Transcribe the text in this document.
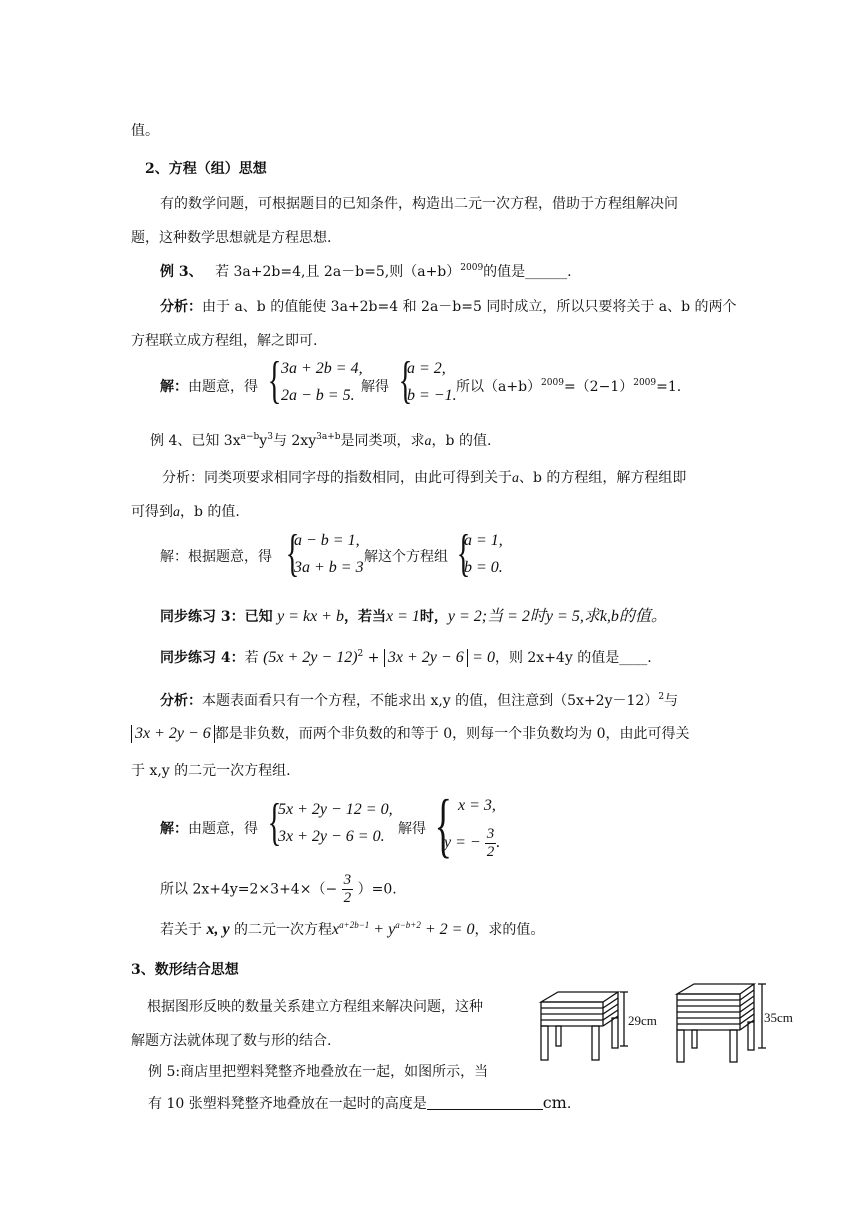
值。
2、方程（组）思想
有的数学问题，可根据题目的已知条件，构造出二元一次方程，借助于方程组解决问
题，这种数学思想就是方程思想.
例 3、 若 3a+2b=4,且 2a－b=5,则$(a+b)^{2009}$的值是______.
分析：由于 a、b 的值能使 3a+2b=4 和 2a－b=5 同时成立，所以只要将关于 a、b 的两个
方程联立成方程组，解之即可.
解：由题意，得 { 3a + 2b = 4,
2a − b = 5. 解得 {
a = 2,
b = −1. 所以$(a+b)^{2009}=(2-1)^{2009}=1$.
例 4、已知 $3x^{a-b}y^3$与 $2xy^{3a+b}$是同类项，求a，b 的值.
分析：同类项要求相同字母的指数相同，由此可得到关于a、b 的方程组，解方程组即
可得到a，b 的值.
解：根据题意，得 {
a − b = 1,
3a + b = 3
解这个方程组 {
a = 1,
b = 0.
同步练习 3：已知 y = kx + b，若当x = 1时，y = 2;当 = 2时y = 5,求k,b的值。
同步练习 4：若 $(5x + 2y - 12)^2 + 3x + 2y - 6 = 0$，则 2x+4y 的值是____.
分析：本题表面看只有一个方程，不能求出 x,y 的值，但注意到$(5x+2y-12)^2$与
3x + 2y − 6 都是非负数，而两个非负数的和等于 0，则每一个非负数均为 0，由此可得关
于 x,y 的二元一次方程组.
解：由题意，得 {
5x + 2y − 12 = 0,
3x + 2y − 6 = 0. 解得 { x = 3,
y = − $\frac{3}{2}$ .
所以 $2x+4y=2\times 3+4\times(- \frac{3}{2} )=0$.
若关于 x, y 的二元一次方程$x^{a+2b-1} + y^{a-b+2} + 2 = 0$，求的值。
3、数形结合思想
根据图形反映的数量关系建立方程组来解决问题，这种
解题方法就体现了数与形的结合.
例 5:商店里把塑料凳整齐地叠放在一起，如图所示，当
有 10 张塑料凳整齐地叠放在一起时的高度是	cm.
29cm	35cm
